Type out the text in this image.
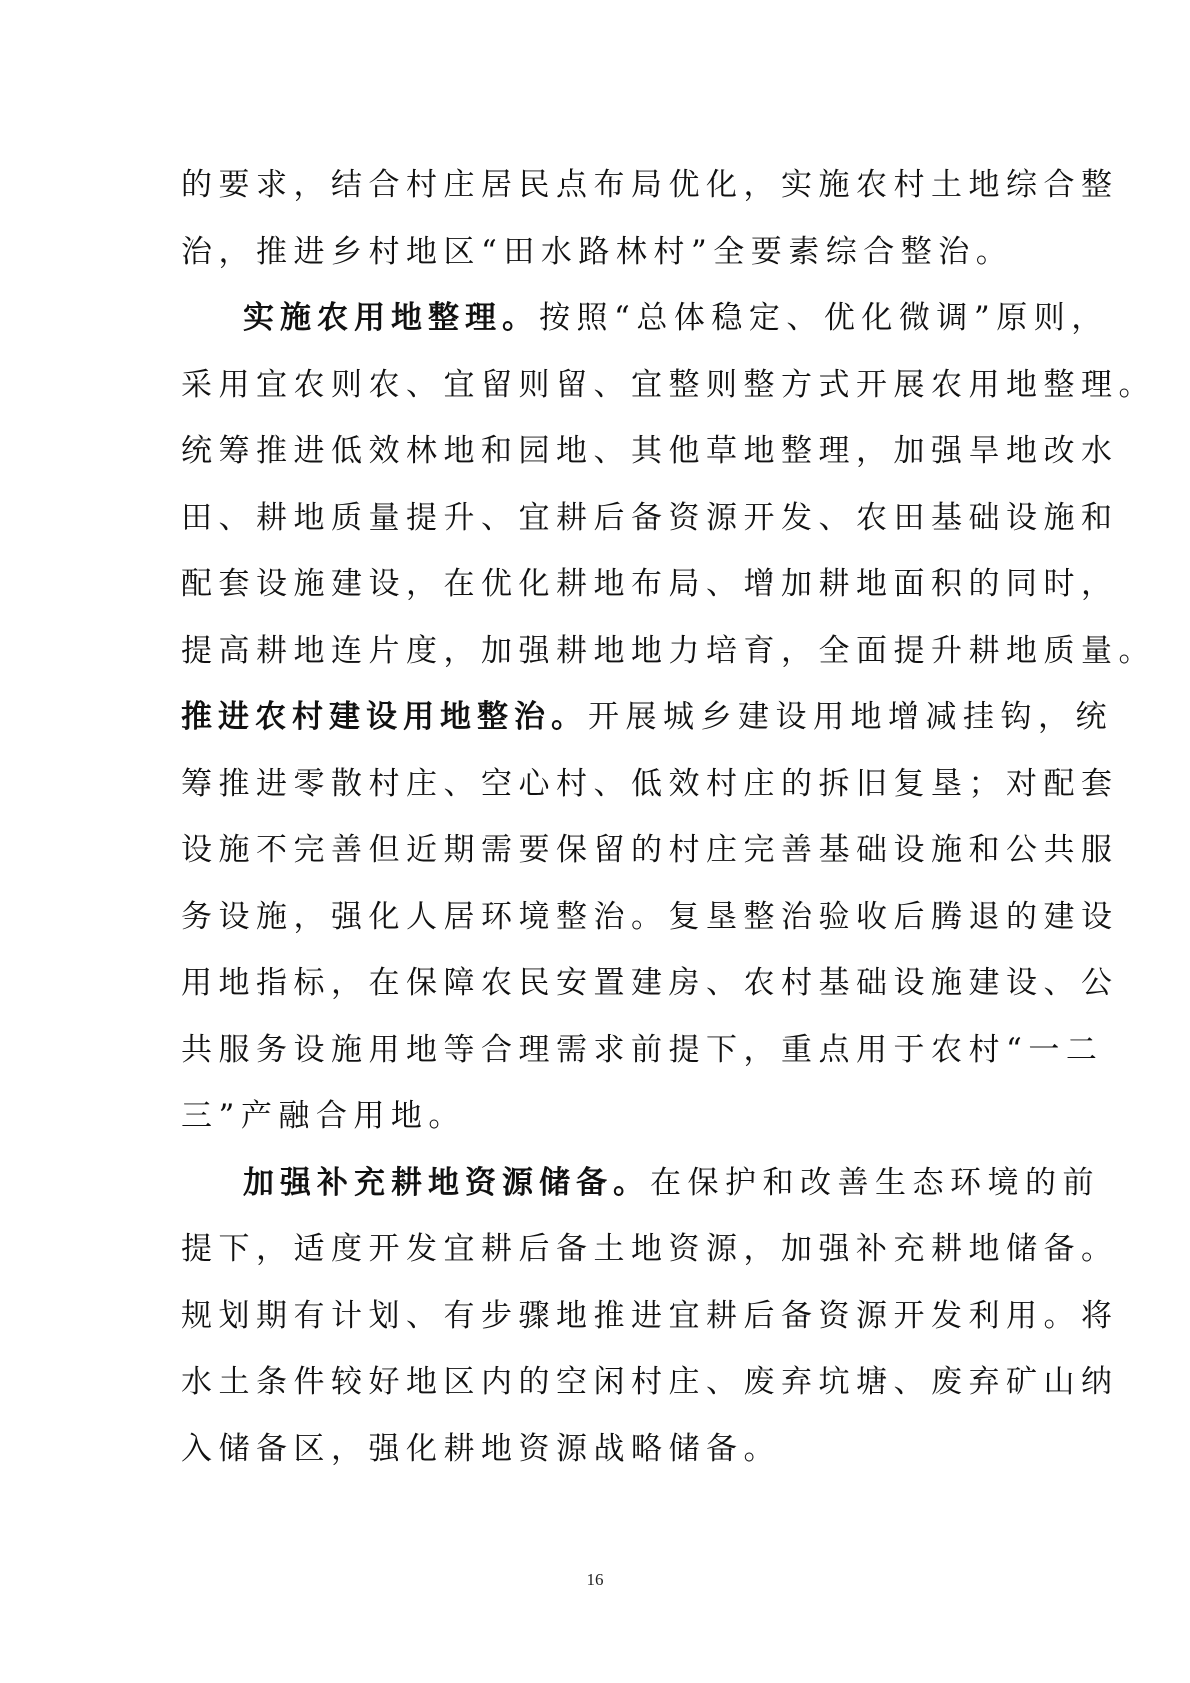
的要求，结合村庄居民点布局优化，实施农村土地综合整
治，推进乡村地区“田水路林村”全要素综合整治。
实施农用地整理。按照“总体稳定、优化微调”原则，
采用宜农则农、宜留则留、宜整则整方式开展农用地整理。
统筹推进低效林地和园地、其他草地整理，加强旱地改水
田、耕地质量提升、宜耕后备资源开发、农田基础设施和
配套设施建设，在优化耕地布局、增加耕地面积的同时，
提高耕地连片度，加强耕地地力培育，全面提升耕地质量。
推进农村建设用地整治。开展城乡建设用地增减挂钩，统
筹推进零散村庄、空心村、低效村庄的拆旧复垦；对配套
设施不完善但近期需要保留的村庄完善基础设施和公共服
务设施，强化人居环境整治。复垦整治验收后腾退的建设
用地指标，在保障农民安置建房、农村基础设施建设、公
共服务设施用地等合理需求前提下，重点用于农村“一二
三”产融合用地。
加强补充耕地资源储备。在保护和改善生态环境的前
提下，适度开发宜耕后备土地资源，加强补充耕地储备。
规划期有计划、有步骤地推进宜耕后备资源开发利用。将
水土条件较好地区内的空闲村庄、废弃坑塘、废弃矿山纳
入储备区，强化耕地资源战略储备。
16
